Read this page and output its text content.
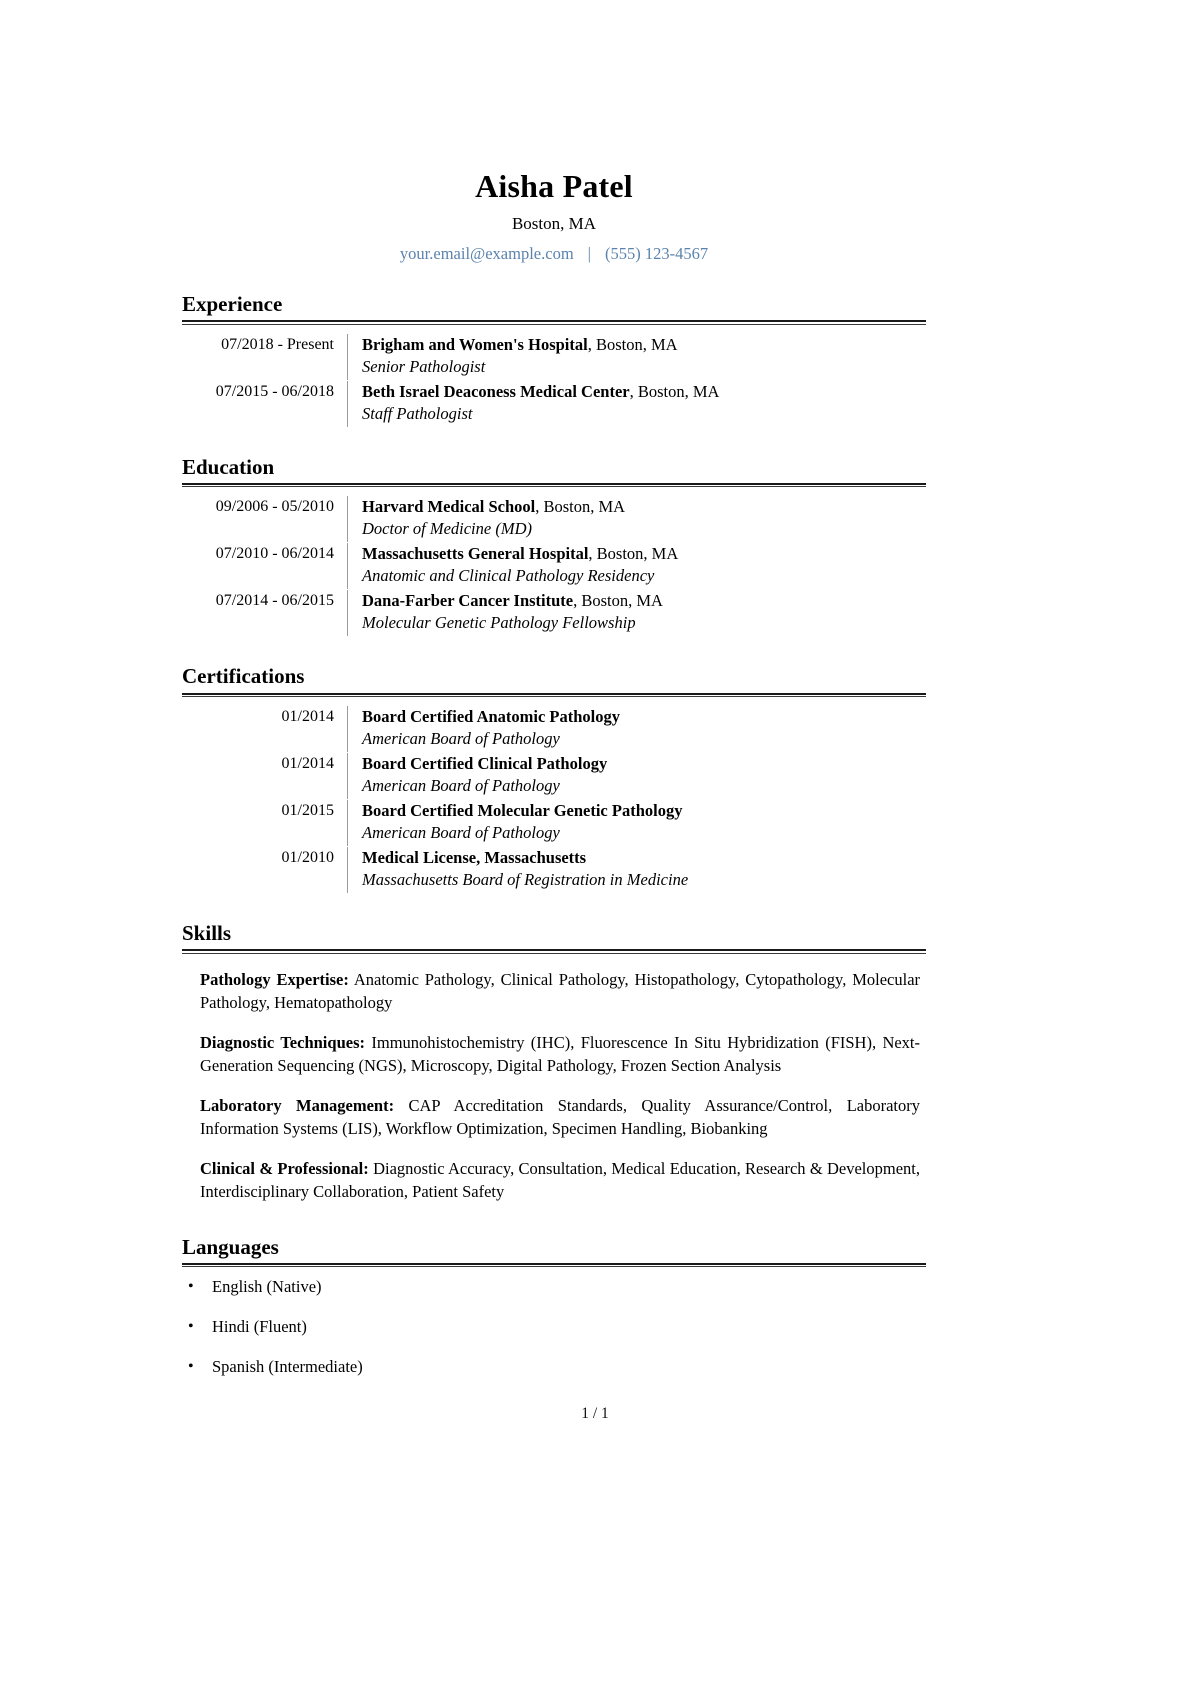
Aisha Patel
Boston, MA
your.email@example.com | (555) 123-4567
Experience
07/2018 - Present	Brigham and Women's Hospital, Boston, MA
Senior Pathologist
07/2015 - 06/2018	Beth Israel Deaconess Medical Center, Boston, MA
Staff Pathologist
Education
09/2006 - 05/2010	Harvard Medical School, Boston, MA
Doctor of Medicine (MD)
07/2010 - 06/2014	Massachusetts General Hospital, Boston, MA
Anatomic and Clinical Pathology Residency
07/2014 - 06/2015	Dana-Farber Cancer Institute, Boston, MA
Molecular Genetic Pathology Fellowship
Certifications
01/2014	Board Certified Anatomic Pathology
American Board of Pathology
01/2014	Board Certified Clinical Pathology
American Board of Pathology
01/2015	Board Certified Molecular Genetic Pathology
American Board of Pathology
01/2010	Medical License, Massachusetts
Massachusetts Board of Registration in Medicine
Skills

Pathology Expertise: Anatomic Pathology, Clinical Pathology, Histopathology, Cytopathology, Molecular Pathology, Hematopathology

Diagnostic Techniques: Immunohistochemistry (IHC), Fluorescence In Situ Hybridization (FISH), Next-Generation Sequencing (NGS), Microscopy, Digital Pathology, Frozen Section Analysis

Laboratory Management: CAP Accreditation Standards, Quality Assurance/Control, Laboratory Information Systems (LIS), Workflow Optimization, Specimen Handling, Biobanking

Clinical & Professional: Diagnostic Accuracy, Consultation, Medical Education, Research & Development, Interdisciplinary Collaboration, Patient Safety

Languages
• English (Native)
• Hindi (Fluent)
• Spanish (Intermediate)
1 / 1
